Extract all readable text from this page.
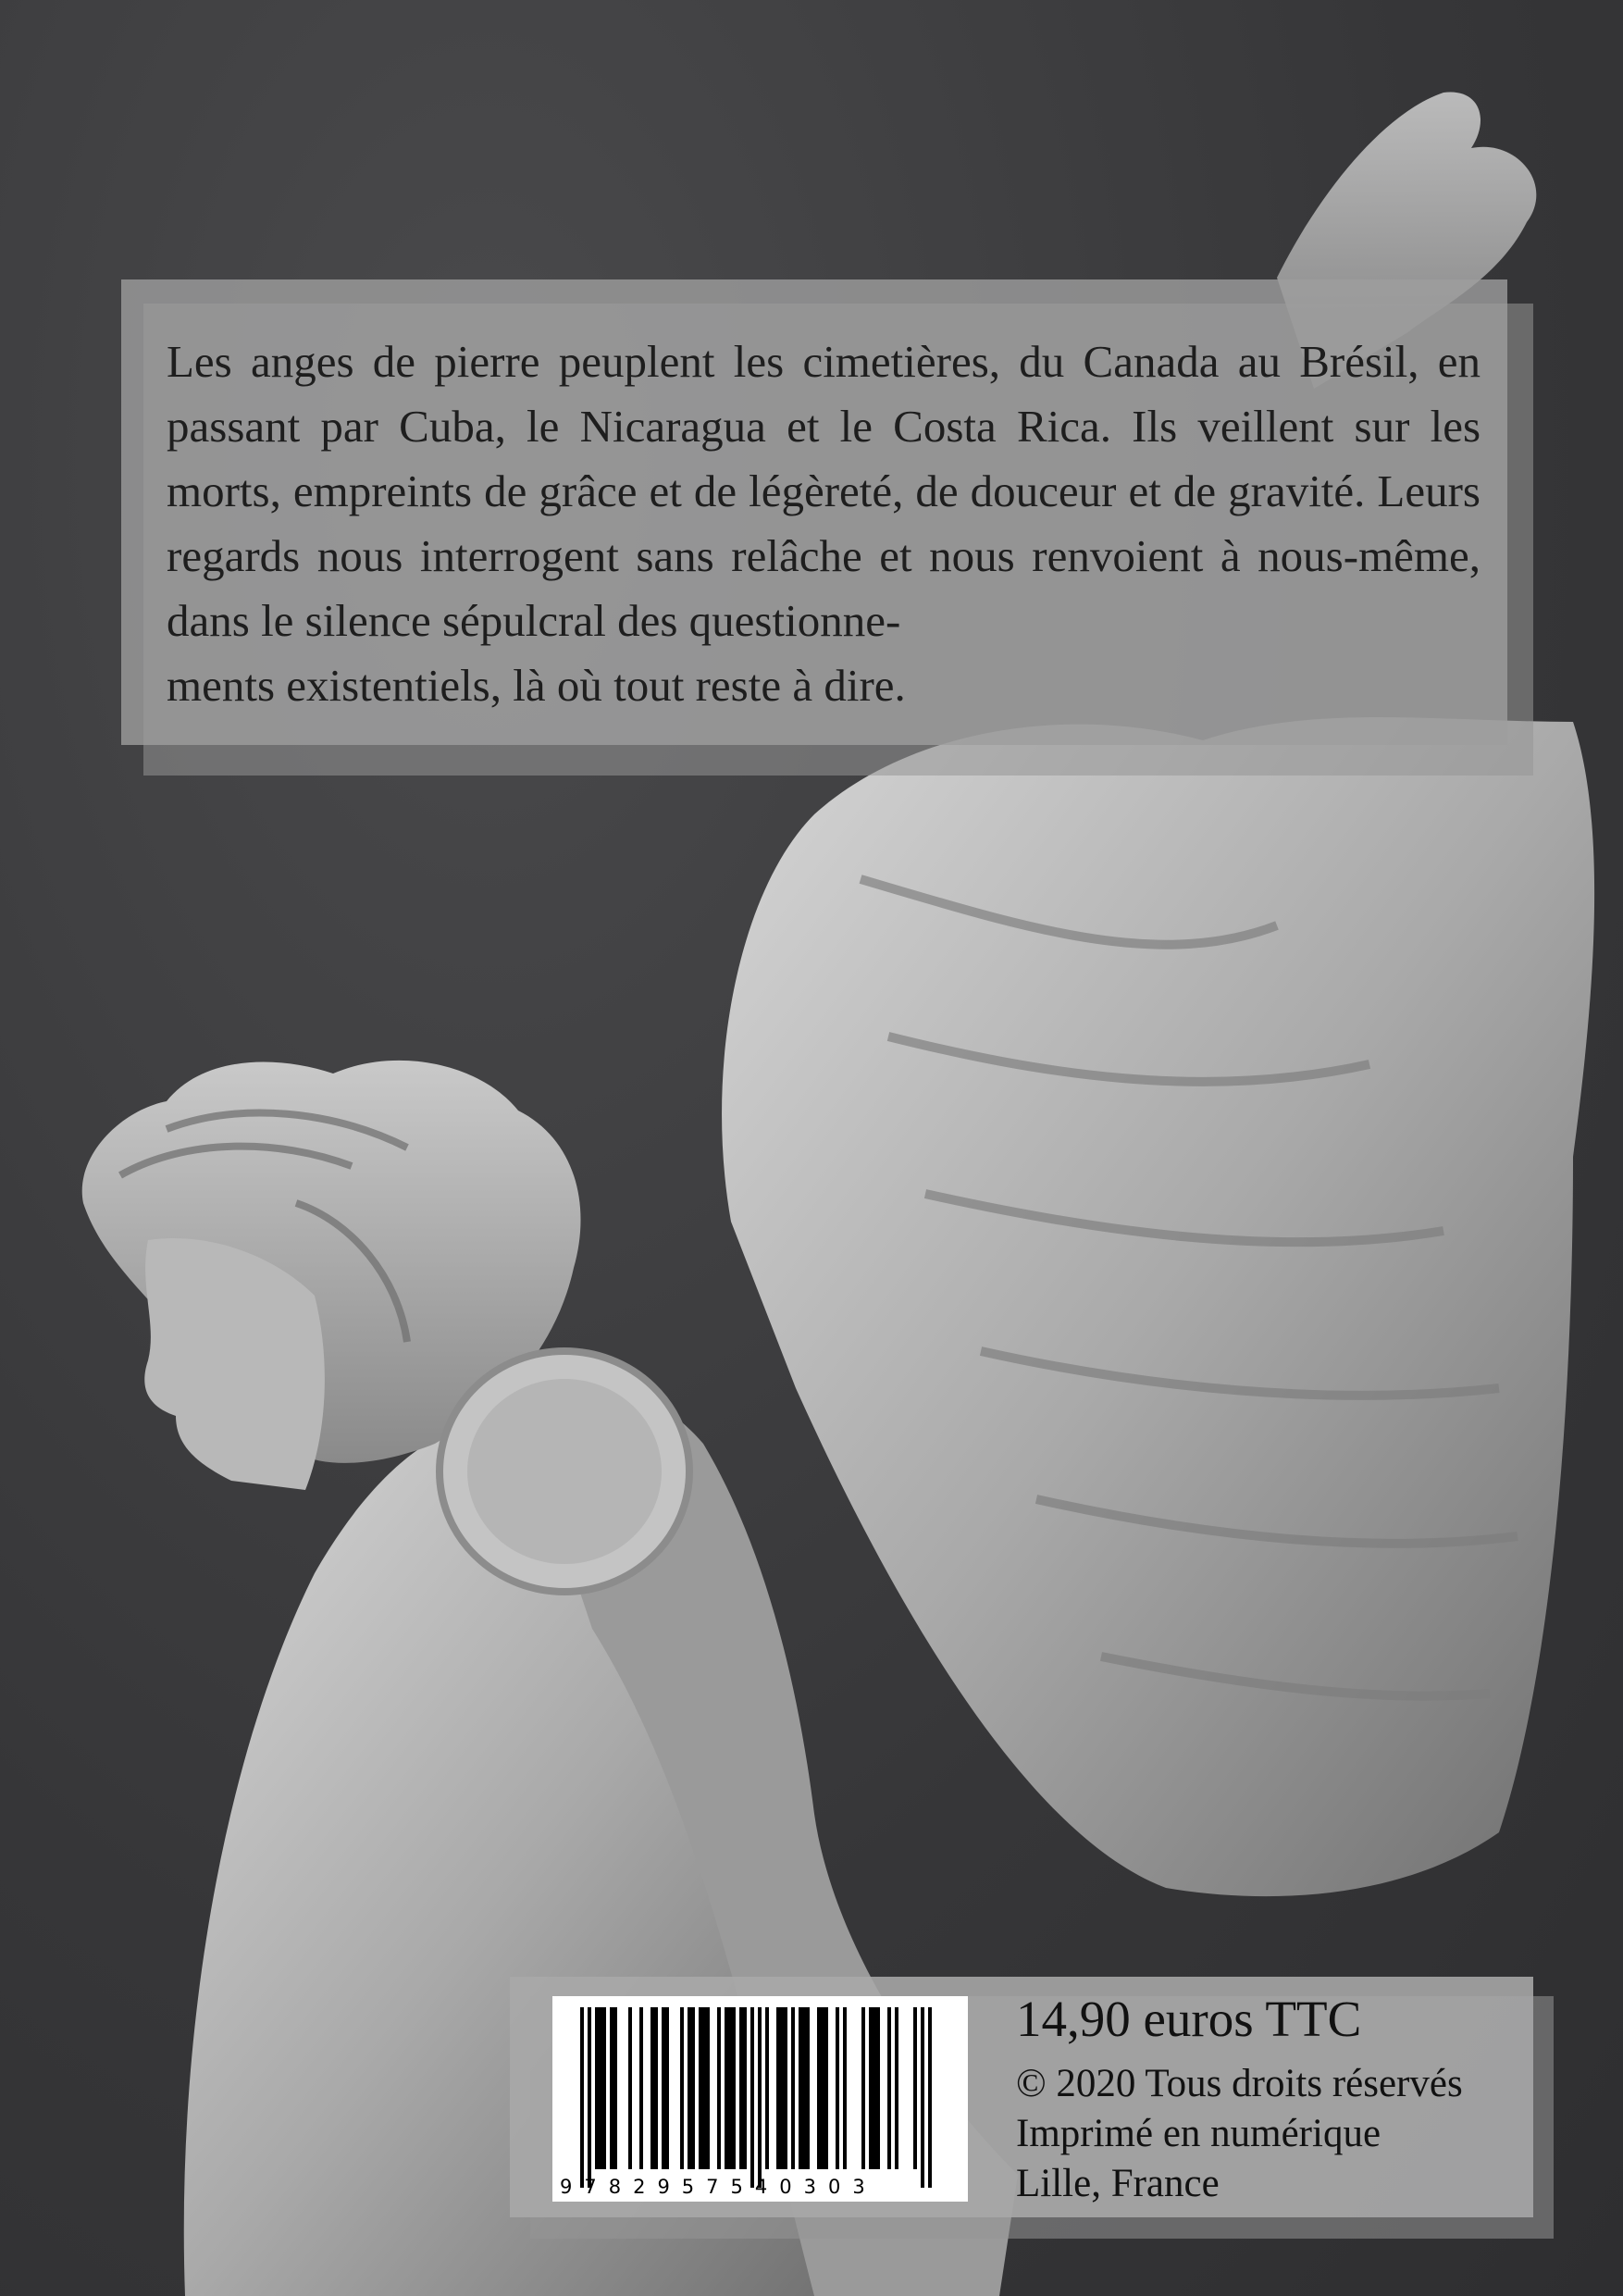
Les anges de pierre peuplent les cimetières, du Canada au Brésil, en passant par Cuba, le Nicaragua et le Costa Rica. Ils veillent sur les morts, empreints de grâce et de légèreté, de douceur et de gravité. Leurs regards nous interrogent sans relâche et nous renvoient à nous-même, dans le silence sépulcral des questionne-
ments existentiels, là où tout reste à dire.

9782957540303

14,90 euros TTC

© 2020 Tous droits réservés
Imprimé en numérique
Lille, France
